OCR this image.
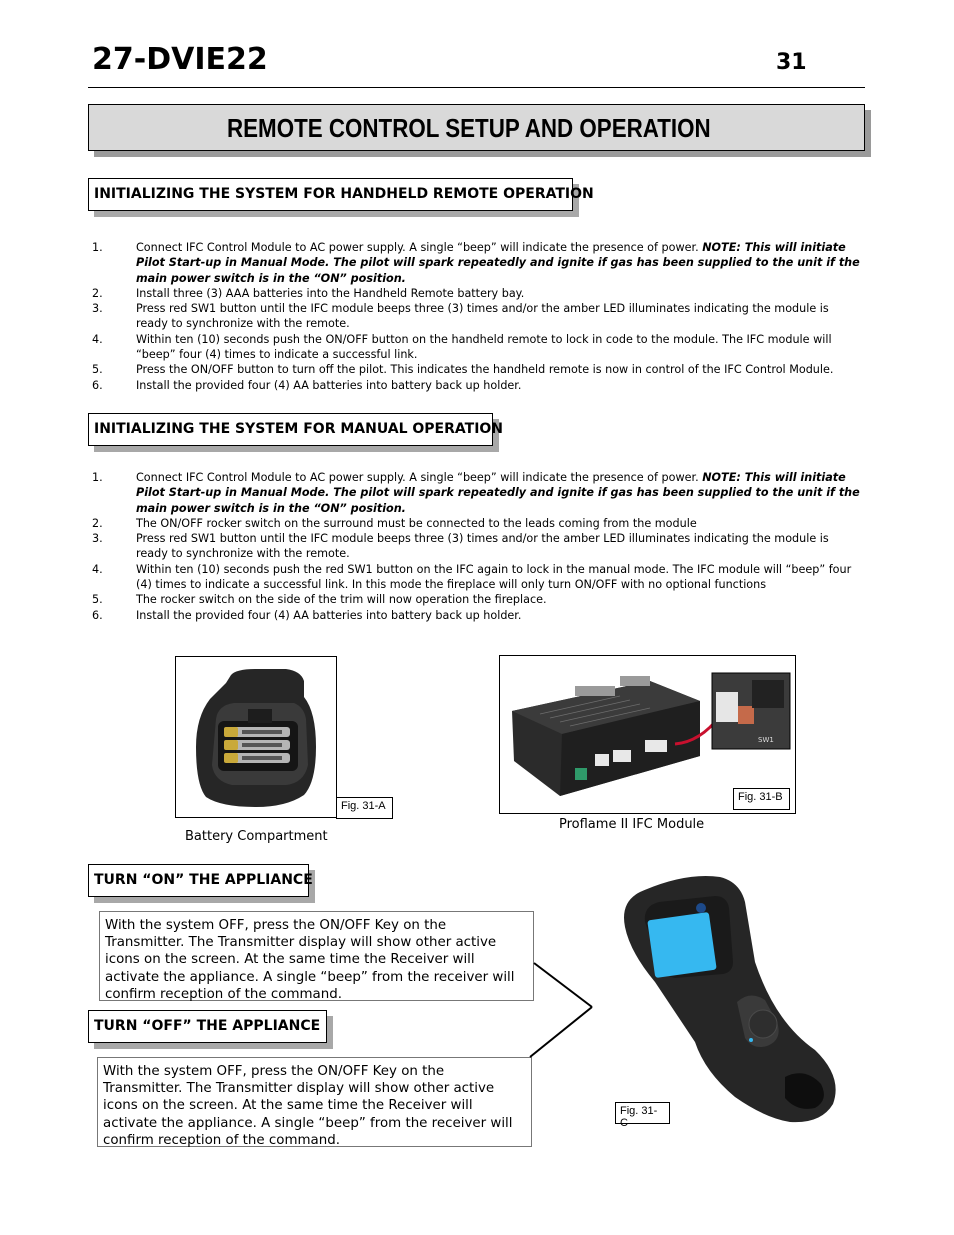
27-DVIE22	31
REMOTE CONTROL SETUP AND OPERATION
INITIALIZING THE SYSTEM FOR HANDHELD REMOTE OPERATION
1.	Connect IFC Control Module to AC power supply. A single “beep” will indicate the presence of power. NOTE: This will initiate Pilot Start-up in Manual Mode. The pilot will spark repeatedly and ignite if gas has been supplied to the unit if the main power switch is in the “ON” position.
2.	Install three (3) AAA batteries into the Handheld Remote battery bay.
3.	Press red SW1 button until the IFC module beeps three (3) times and/or the amber LED illuminates indicating the module is ready to synchronize with the remote.
4.	Within ten (10) seconds push the ON/OFF button on the handheld remote to lock in code to the module. The IFC module will “beep” four (4) times to indicate a successful link.
5.	Press the ON/OFF button to turn off the pilot. This indicates the handheld remote is now in control of the IFC Control Module.
6.	Install the provided four (4) AA batteries into battery back up holder.
INITIALIZING THE SYSTEM FOR MANUAL OPERATION
1.	Connect IFC Control Module to AC power supply. A single “beep” will indicate the presence of power. NOTE: This will initiate Pilot Start-up in Manual Mode. The pilot will spark repeatedly and ignite if gas has been supplied to the unit if the main power switch is in the “ON” position.
2.	The ON/OFF rocker switch on the surround must be connected to the leads coming from the module
3.	Press red SW1 button until the IFC module beeps three (3) times and/or the amber LED illuminates indicating the module is ready to synchronize with the remote.
4.	Within ten (10) seconds push the red SW1 button on the IFC again to lock in the manual mode. The IFC module will “beep” four (4) times to indicate a successful link. In this mode the fireplace will only turn ON/OFF with no optional functions
5.	The rocker switch on the side of the trim will now operation the fireplace.
6.	Install the provided four (4) AA batteries into battery back up holder.
Fig. 31-A
Battery Compartment
SW1
Fig. 31-B
Proflame II IFC Module
TURN “ON” THE APPLIANCE
With the system OFF, press the ON/OFF Key on the Transmitter. The Transmitter display will show other active icons on the screen. At the same time the Receiver will activate the appliance. A single “beep” from the receiver will confirm reception of the command.
TURN “OFF” THE APPLIANCE
With the system OFF, press the ON/OFF Key on the Transmitter. The Transmitter display will show other active icons on the screen. At the same time the Receiver will activate the appliance. A single “beep” from the receiver will confirm reception of the command.
Fig. 31-C
